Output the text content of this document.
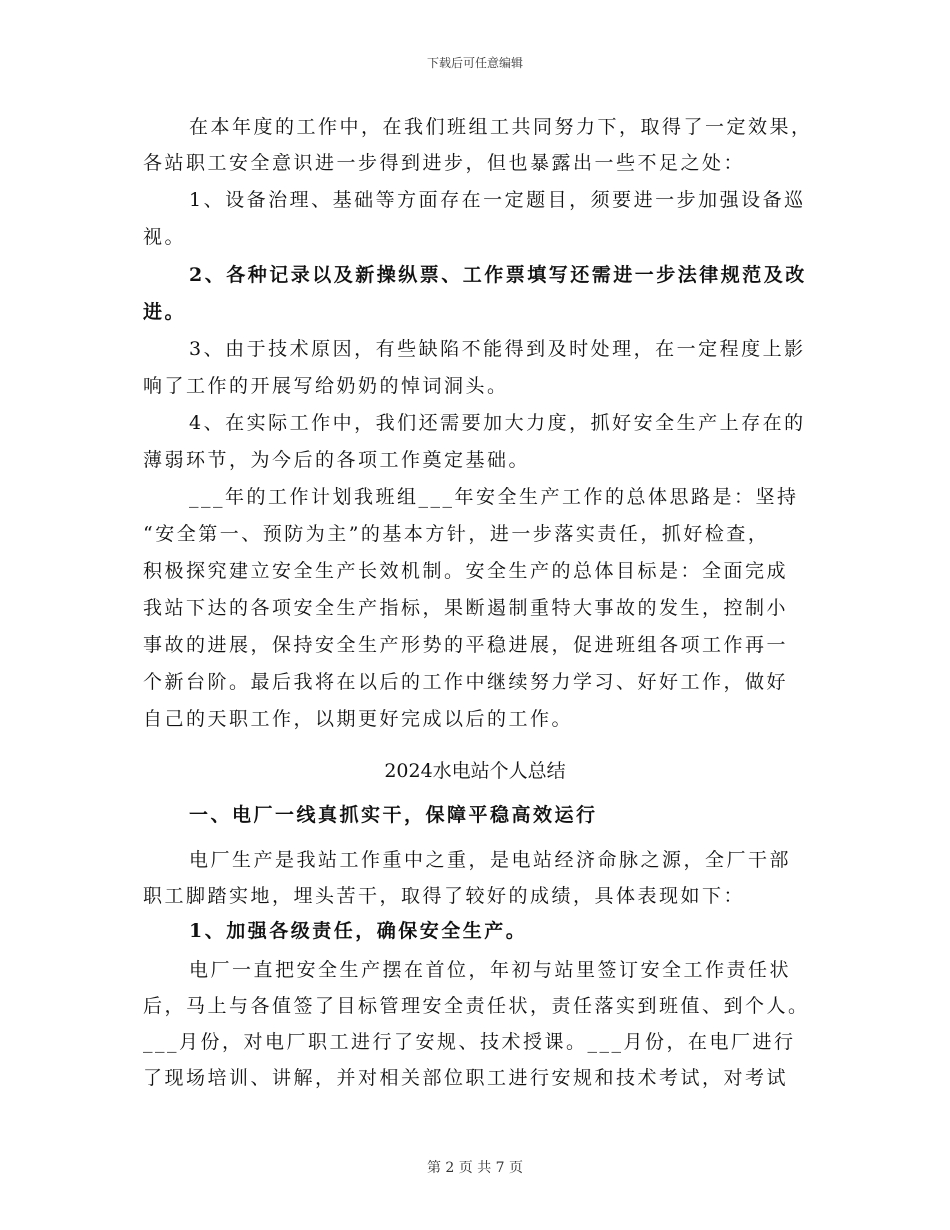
下载后可任意编辑
在本年度的工作中，在我们班组工共同努力下，取得了一定效果，
各站职工安全意识进一步得到进步，但也暴露出一些不足之处：
1、设备治理、基础等方面存在一定题目，须要进一步加强设备巡
视。
2、各种记录以及新操纵票、工作票填写还需进一步法律规范及改
进。
3、由于技术原因，有些缺陷不能得到及时处理，在一定程度上影
响了工作的开展写给奶奶的悼词洞头。
4、在实际工作中，我们还需要加大力度，抓好安全生产上存在的
薄弱环节，为今后的各项工作奠定基础。
___年的工作计划我班组___年安全生产工作的总体思路是：坚持
“安全第一、预防为主”的基本方针，进一步落实责任，抓好检查，
积极探究建立安全生产长效机制。安全生产的总体目标是：全面完成
我站下达的各项安全生产指标，果断遏制重特大事故的发生，控制小
事故的进展，保持安全生产形势的平稳进展，促进班组各项工作再一
个新台阶。最后我将在以后的工作中继续努力学习、好好工作，做好
自己的天职工作，以期更好完成以后的工作。
2024水电站个人总结
一、电厂一线真抓实干，保障平稳高效运行
电厂生产是我站工作重中之重，是电站经济命脉之源，全厂干部
职工脚踏实地，埋头苦干，取得了较好的成绩，具体表现如下：
1、加强各级责任，确保安全生产。
电厂一直把安全生产摆在首位，年初与站里签订安全工作责任状
后，马上与各值签了目标管理安全责任状，责任落实到班值、到个人。
___月份，对电厂职工进行了安规、技术授课。___月份，在电厂进行
了现场培训、讲解，并对相关部位职工进行安规和技术考试，对考试
第 2 页 共 7 页
